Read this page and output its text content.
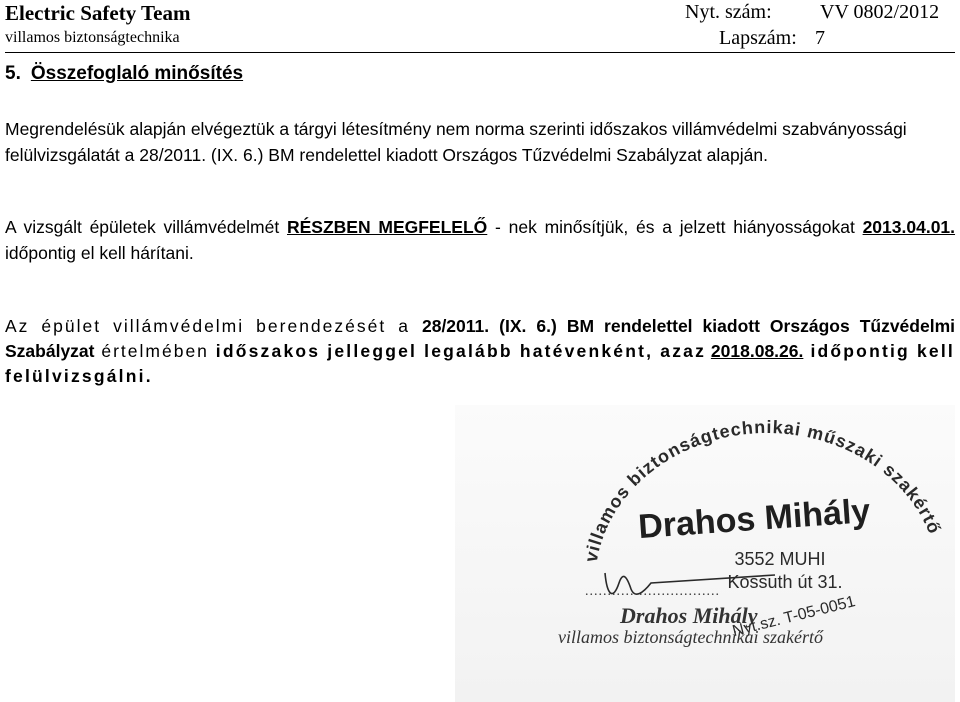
Electric Safety Team	Nyt. szám: VV 0802/2012
villamos biztonságtechnika	Lapszám: 7
5. Összefoglaló minősítés

Megrendelésük alapján elvégeztük a tárgyi létesítmény nem norma szerinti időszakos villámvédelmi szabványossági felülvizsgálatát a 28/2011. (IX. 6.) BM rendelettel kiadott Országos Tűzvédelmi Szabályzat alapján.

A vizsgált épületek villámvédelmét RÉSZBEN MEGFELELŐ - nek minősítjük, és a jelzett hiányosságokat 2013.04.01. időpontig el kell hárítani.

Az épület villámvédelmi berendezését a 28/2011. (IX. 6.) BM rendelettel kiadott Országos Tűzvédelmi Szabályzat értelmében időszakos jelleggel legalább hatévenként, azaz 2018.08.26. időpontig kell felülvizsgálni.

villamos biztonságtechnikai műszaki szakértő
Drahos Mihály
3552 MUHI
Kossuth út 31.
Nyt.sz. T-05-0051
..............................
Drahos Mihály
villamos biztonságtechnikai szakértő
